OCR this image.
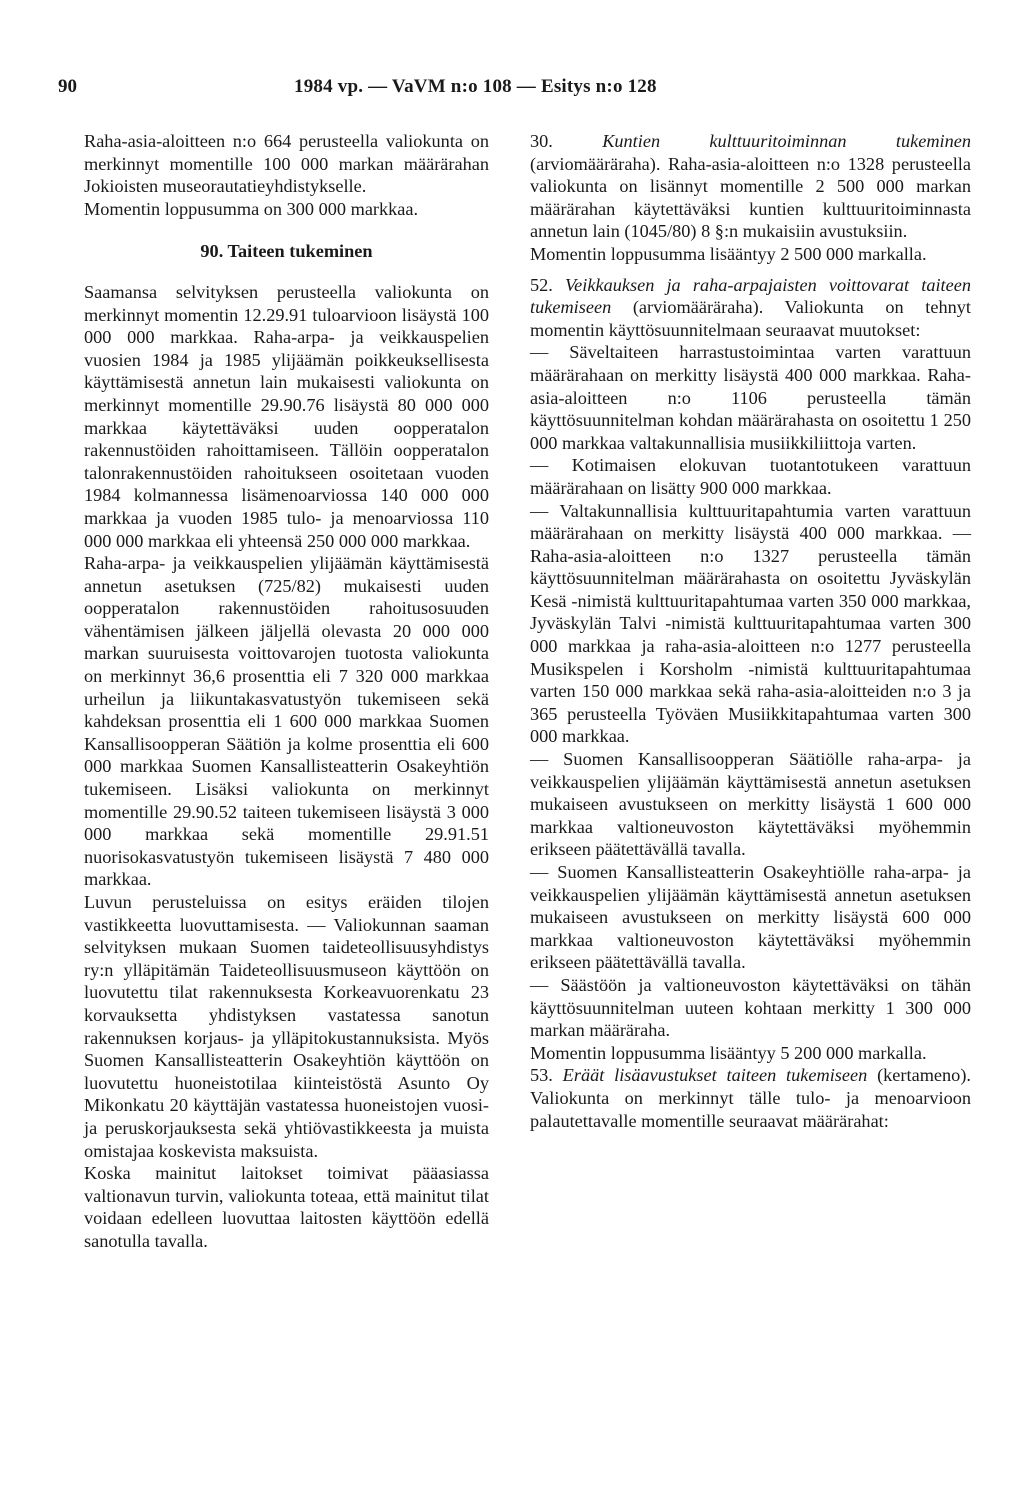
90	1984 vp. — VaVM n:o 108 — Esitys n:o 128

Raha-asia-aloitteen n:o 664 perusteella valiokunta on merkinnyt momentille 100 000 markan määrärahan Jokioisten museorautatieyhdistykselle.

Momentin loppusumma on 300 000 markkaa.

90. Taiteen tukeminen

Saamansa selvityksen perusteella valiokunta on merkinnyt momentin 12.29.91 tuloarvioon lisäystä 100 000 000 markkaa. Raha-arpa- ja veikkauspelien vuosien 1984 ja 1985 ylijäämän poikkeuksellisesta käyttämisestä annetun lain mukaisesti valiokunta on merkinnyt momentille 29.90.76 lisäystä 80 000 000 markkaa käytettäväksi uuden oopperatalon rakennustöiden rahoittamiseen. Tällöin oopperatalon talonrakennustöiden rahoitukseen osoitetaan vuoden 1984 kolmannessa lisämenoarviossa 140 000 000 markkaa ja vuoden 1985 tulo- ja menoarviossa 110 000 000 markkaa eli yhteensä 250 000 000 markkaa.

Raha-arpa- ja veikkauspelien ylijäämän käyttämisestä annetun asetuksen (725/82) mukaisesti uuden oopperatalon rakennustöiden rahoitusosuuden vähentämisen jälkeen jäljellä olevasta 20 000 000 markan suuruisesta voittovarojen tuotosta valiokunta on merkinnyt 36,6 prosenttia eli 7 320 000 markkaa urheilun ja liikuntakasvatustyön tukemiseen sekä kahdeksan prosenttia eli 1 600 000 markkaa Suomen Kansallisoopperan Säätiön ja kolme prosenttia eli 600 000 markkaa Suomen Kansallisteatterin Osakeyhtiön tukemiseen. Lisäksi valiokunta on merkinnyt momentille 29.90.52 taiteen tukemiseen lisäystä 3 000 000 markkaa sekä momentille 29.91.51 nuorisokasvatustyön tukemiseen lisäystä 7 480 000 markkaa.

Luvun perusteluissa on esitys eräiden tilojen vastikkeetta luovuttamisesta. — Valiokunnan saaman selvityksen mukaan Suomen taideteollisuusyhdistys ry:n ylläpitämän Taideteollisuusmuseon käyttöön on luovutettu tilat rakennuksesta Korkeavuorenkatu 23 korvauksetta yhdistyksen vastatessa sanotun rakennuksen korjaus- ja ylläpitokustannuksista. Myös Suomen Kansallisteatterin Osakeyhtiön käyttöön on luovutettu huoneistotilaa kiinteistöstä Asunto Oy Mikonkatu 20 käyttäjän vastatessa huoneistojen vuosi- ja peruskorjauksesta sekä yhtiövastikkeesta ja muista omistajaa koskevista maksuista.

Koska mainitut laitokset toimivat pääasiassa valtionavun turvin, valiokunta toteaa, että mainitut tilat voidaan edelleen luovuttaa laitosten käyttöön edellä sanotulla tavalla.

30.	Kuntien kulttuuritoiminnan tukeminen (arviomääräraha). Raha-asia-aloitteen n:o 1328 perusteella valiokunta on lisännyt momentille 2 500 000 markan määrärahan käytettäväksi kuntien kulttuuritoiminnasta annetun lain (1045/80) 8 §:n mukaisiin avustuksiin.

Momentin loppusumma lisääntyy 2 500 000 markalla.

52. Veikkauksen ja raha-arpajaisten voittovarat taiteen tukemiseen (arviomääräraha). Valiokunta on tehnyt momentin käyttösuunnitelmaan seuraavat muutokset:

— Säveltaiteen harrastustoimintaa varten varattuun määrärahaan on merkitty lisäystä 400 000 markkaa. Raha-asia-aloitteen n:o 1106 perusteella tämän käyttösuunnitelman kohdan määrärahasta on osoitettu 1 250 000 markkaa valtakunnallisia musiikkiliittoja varten.

— Kotimaisen elokuvan tuotantotukeen varattuun määrärahaan on lisätty 900 000 markkaa.

— Valtakunnallisia kulttuuritapahtumia varten varattuun määrärahaan on merkitty lisäystä 400 000 markkaa. — Raha-asia-aloitteen n:o 1327 perusteella tämän käyttösuunnitelman määrärahasta on osoitettu Jyväskylän Kesä -nimistä kulttuuritapahtumaa varten 350 000 markkaa, Jyväskylän Talvi -nimistä kulttuuritapahtumaa varten 300 000 markkaa ja raha-asia-aloitteen n:o 1277 perusteella Musikspelen i Korsholm -nimistä kulttuuritapahtumaa varten 150 000 markkaa sekä raha-asia-aloitteiden n:o 3 ja 365 perusteella Työväen Musiikkitapahtumaa varten 300 000 markkaa.

— Suomen Kansallisoopperan Säätiölle raha-arpa- ja veikkauspelien ylijäämän käyttämisestä annetun asetuksen mukaiseen avustukseen on merkitty lisäystä 1 600 000 markkaa valtioneuvoston käytettäväksi myöhemmin erikseen päätettävällä tavalla.

— Suomen Kansallisteatterin Osakeyhtiölle raha-arpa- ja veikkauspelien ylijäämän käyttämisestä annetun asetuksen mukaiseen avustukseen on merkitty lisäystä 600 000 markkaa valtioneuvoston käytettäväksi myöhemmin erikseen päätettävällä tavalla.

— Säästöön ja valtioneuvoston käytettäväksi on tähän käyttösuunnitelman uuteen kohtaan merkitty 1 300 000 markan määräraha.

Momentin loppusumma lisääntyy 5 200 000 markalla.

53. Eräät lisäavustukset taiteen tukemiseen (kertameno). Valiokunta on merkinnyt tälle tulo- ja menoarvioon palautettavalle momentille seuraavat määrärahat:
